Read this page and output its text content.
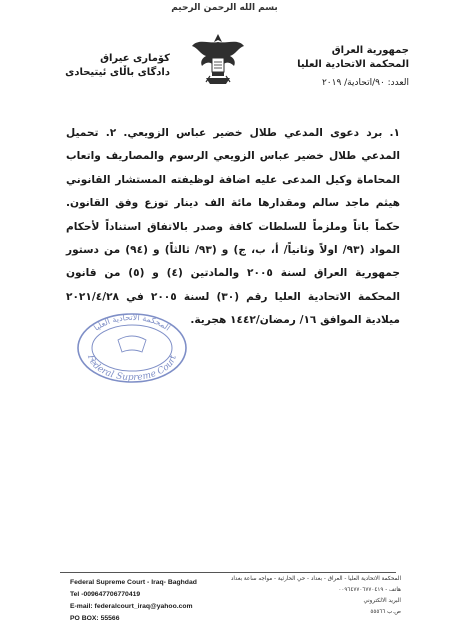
بسم الله الرحمن الرحيم
جمهورية العراق
المحكمة الاتحادية العليا
العدد: ٩٠/اتحادية/ ٢٠١٩
كۆماری عیراق
دادگای باڵای ئیتیحادی
١. برد دعوى المدعي طلال خضير عباس الزويعي. ٢. تحميل المدعي طلال خضير عباس الزويعي الرسوم والمصاريف واتعاب المحاماة وكيل المدعى عليه اضافة لوظيفته المستشار القانوني هيثم ماجد سالم ومقدارها مائة الف دينار توزع وفق القانون. حكماً باتاً وملزماً للسلطات كافة وصدر بالاتفاق استناداً لأحكام المواد (٩٣/ اولاً وثانياً/ أ، ب، ج) و (٩٣/ ثالثاً) و (٩٤) من دستور جمهورية العراق لسنة ٢٠٠٥ والمادتين (٤) و (٥) من قانون المحكمة الاتحادية العليا رقم (٣٠) لسنة ٢٠٠٥ في ٢٠٢١/٤/٢٨ ميلادية الموافق ١٦/ رمضان/١٤٤٢ هجرية.
المحكمة الاتحادية العليا
Federal Supreme Court
Federal Supreme Court - Iraq- Baghdad
Tel -009647706770419
E-mail: federalcourt_iraq@yahoo.com
PO BOX: 55566
المحكمة الاتحادية العليا - العراق - بغداد - حي الحارثية - مواجه ساعة بغداد
هاتف - ٠٠٩٦٤٧٧٠٦٧٧٠٤١٩
البريد الالكتروني
ص.ب ٥٥٥٦٦
